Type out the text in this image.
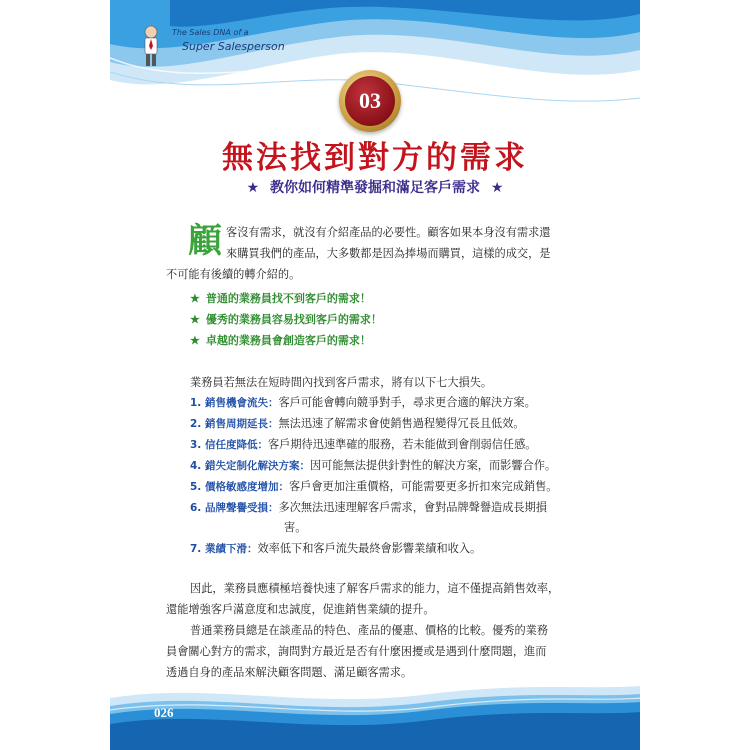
The Sales DNA of a
Super Salesperson
03
無法找到對方的需求
★ 教你如何精準發掘和滿足客戶需求 ★
顧 客沒有需求，就沒有介紹產品的必要性。顧客如果本身沒有需求還
來購買我們的產品，大多數都是因為捧場而購買，這樣的成交，是
不可能有後續的轉介紹的。
★ 普通的業務員找不到客戶的需求！
★ 優秀的業務員容易找到客戶的需求！
★ 卓越的業務員會創造客戶的需求！
業務員若無法在短時間內找到客戶需求，將有以下七大損失。
1. 銷售機會流失：客戶可能會轉向競爭對手，尋求更合適的解決方案。
2. 銷售周期延長：無法迅速了解需求會使銷售過程變得冗長且低效。
3. 信任度降低：客戶期待迅速準確的服務，若未能做到會削弱信任感。
4. 錯失定制化解決方案：因可能無法提供針對性的解決方案，而影響合作。
5. 價格敏感度增加：客戶會更加注重價格，可能需要更多折扣來完成銷售。
6. 品牌聲譽受損：多次無法迅速理解客戶需求，會對品牌聲譽造成長期損
害。
7. 業績下滑：效率低下和客戶流失最終會影響業績和收入。
因此，業務員應積極培養快速了解客戶需求的能力，這不僅提高銷售效率，
還能增強客戶滿意度和忠誠度，促進銷售業績的提升。
普通業務員總是在談產品的特色、產品的優惠、價格的比較。優秀的業務
員會關心對方的需求，詢問對方最近是否有什麼困擾或是遇到什麼問題，進而
透過自身的產品來解決顧客問題、滿足顧客需求。
026
